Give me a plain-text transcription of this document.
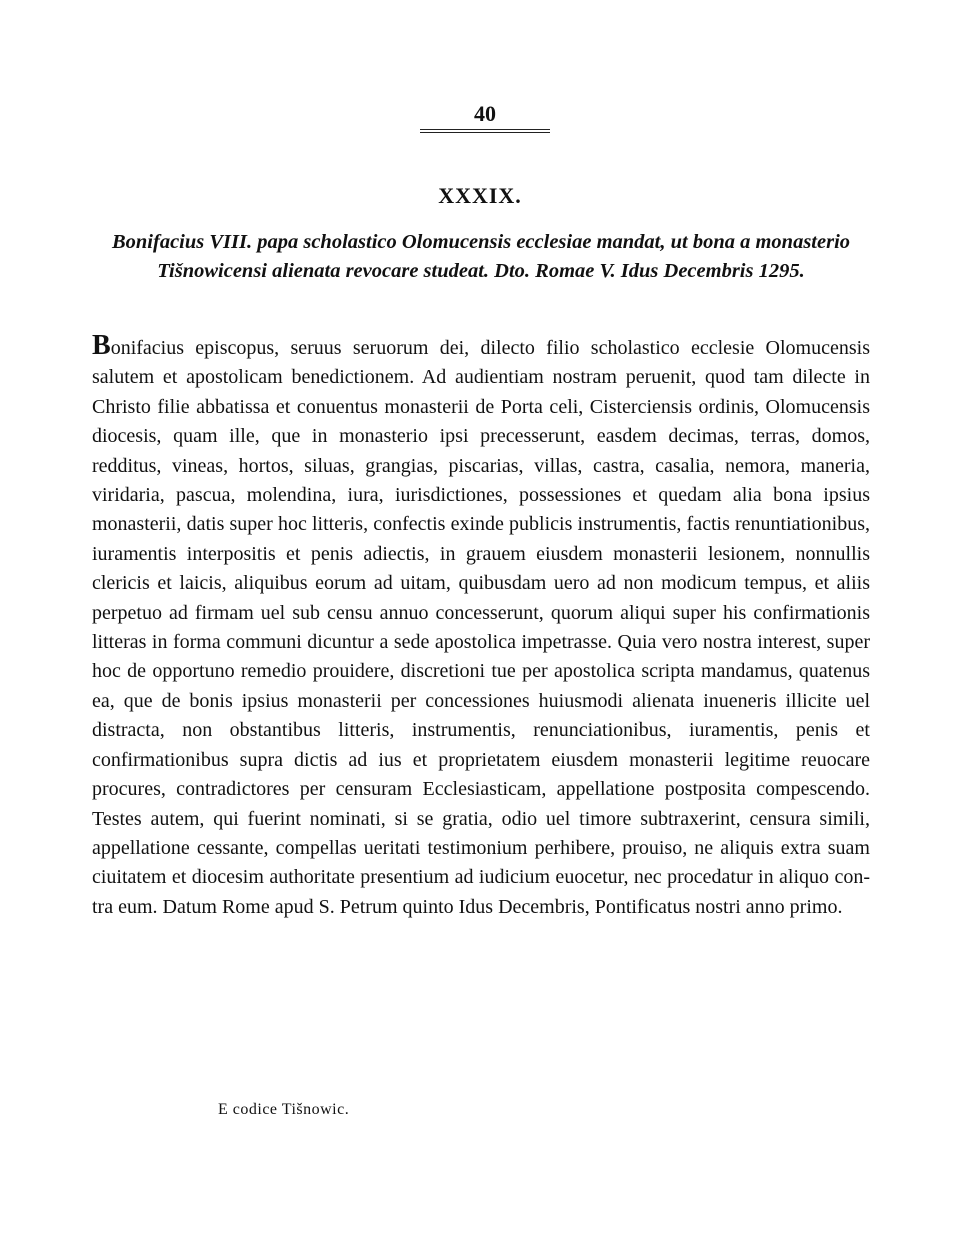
40
XXXIX.
Bonifacius VIII. papa scholastico Olomucensis ecclesiae mandat, ut bona a monasterio Tišnowicensi alienata revocare studeat. Dto. Romae V. Idus Decembris 1295.

Bonifacius episcopus, seruus seruorum dei, dilecto filio scholastico ecclesie Olomucensis salutem et apostolicam benedictionem. Ad audientiam nostram peruenit, quod tam dilecte in Christo filie abbatissa et conuentus monasterii de Porta celi, Cisterciensis ordinis, Olomucensis diocesis, quam ille, que in monasterio ipsi precesserunt, easdem decimas, terras, domos, redditus, vineas, hortos, siluas, grangias, piscarias, villas, castra, casalia, nemora, maneria, viridaria, pascua, molendina, iura, iurisdictiones, possessiones et quedam alia bona ipsius monasterii, datis super hoc litteris, confectis exinde publicis instrumentis, factis renuntiationibus, iuramentis interpositis et penis adiectis, in grauem eiusdem monasterii lesionem, nonnullis clericis et laicis, aliquibus eorum ad uitam, quibusdam uero ad non modicum tempus, et aliis perpetuo ad firmam uel sub censu annuo concesserunt, quorum aliqui super his confirmationis litteras in forma communi dicuntur a sede apostolica impetrasse. Quia vero nostra interest, super hoc de opportuno remedio prouidere, discretioni tue per apostolica scripta mandamus, quatenus ea, que de bonis ipsius monasterii per concessiones huiusmodi alienata inueneris illicite uel distracta, non obstantibus litteris, instrumentis, renunciationibus, iuramentis, penis et confirmationibus supra dictis ad ius et proprietatem eiusdem monasterii legitime reuocare procures, contradictores per censuram Ecclesiasticam, appellatione postposita compescendo. Testes autem, qui fuerint nominati, si se gratia, odio uel timore subtraxerint, censura simili, appellatione cessante, compellas ueritati testimonium perhibere, prouiso, ne aliquis extra suam ciuitatem et diocesim authoritate presentium ad iudicium euocetur, nec procedatur in aliquo contra eum. Datum Rome apud S. Petrum quinto Idus Decembris, Pontificatus nostri anno primo.

E codice Tišnowic.
